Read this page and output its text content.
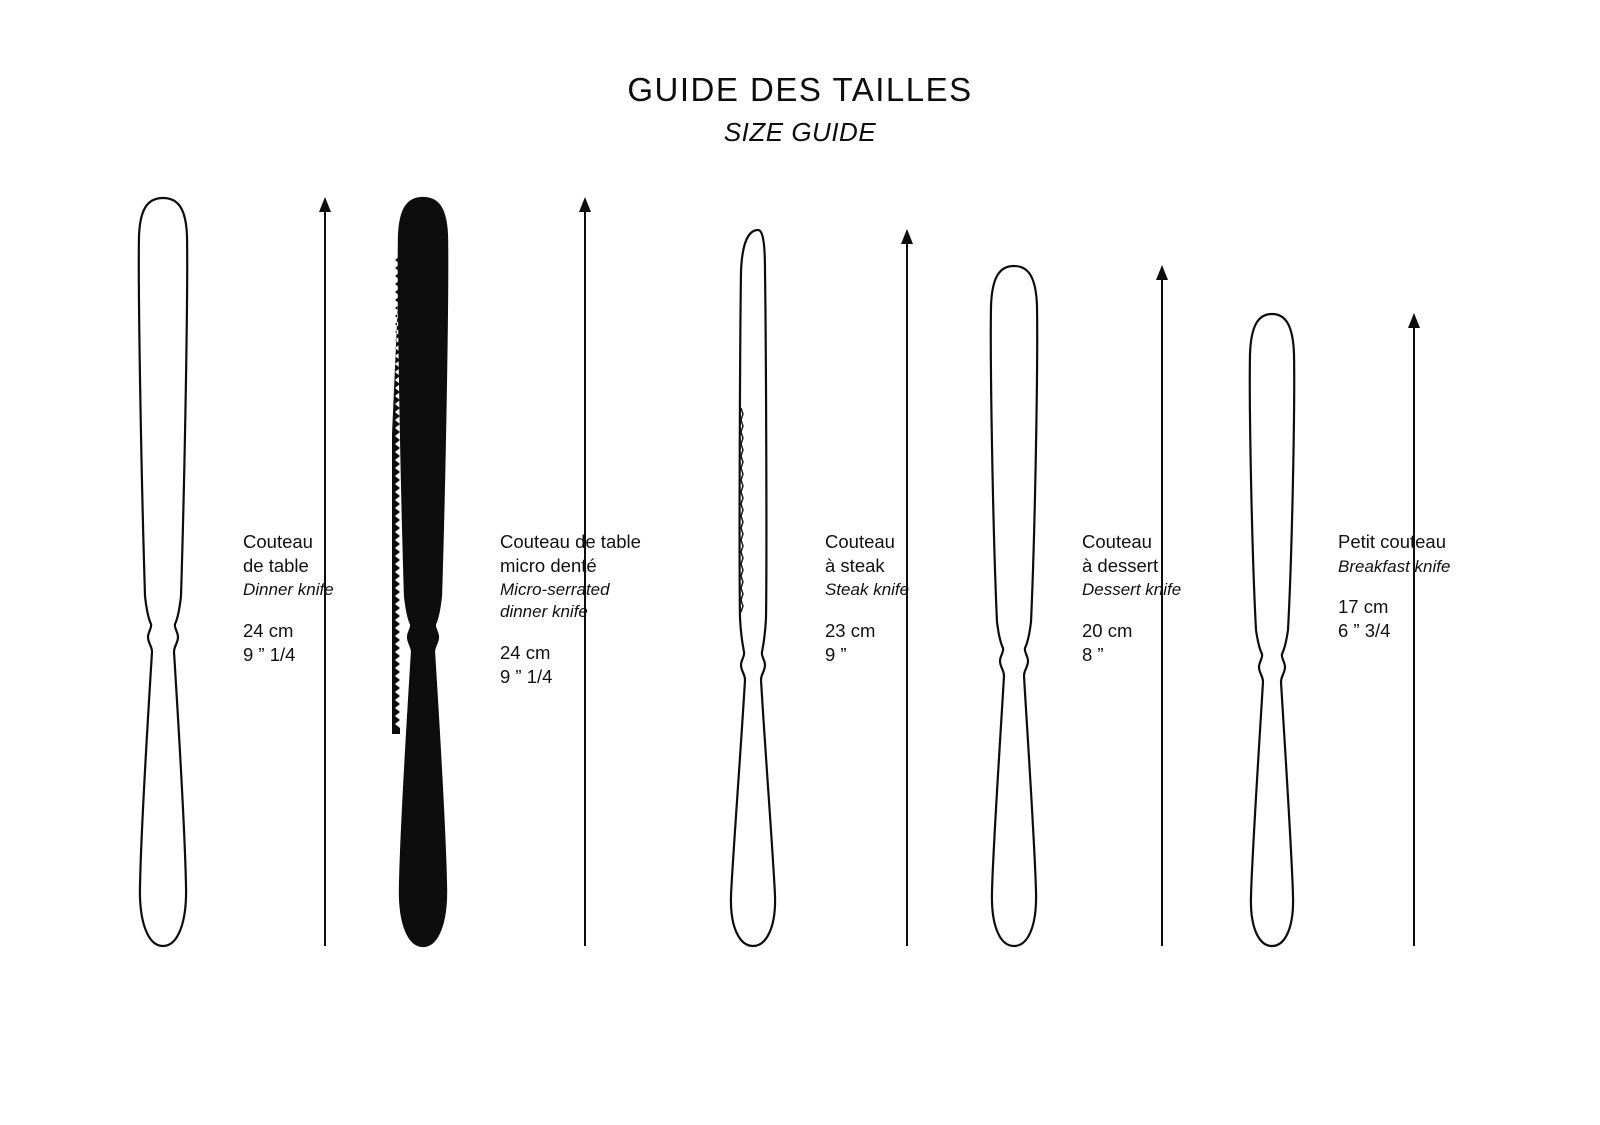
GUIDE DES TAILLES
SIZE GUIDE
Couteau
de table
Dinner knife
24 cm
9 ” 1/4
Couteau de table
micro denté
Micro-serrated
dinner knife
24 cm
9 ” 1/4
Couteau
à steak
Steak knife
23 cm
9 ”
Couteau
à dessert
Dessert knife
20 cm
8 ”
Petit couteau
Breakfast knife
17 cm
6 ” 3/4
